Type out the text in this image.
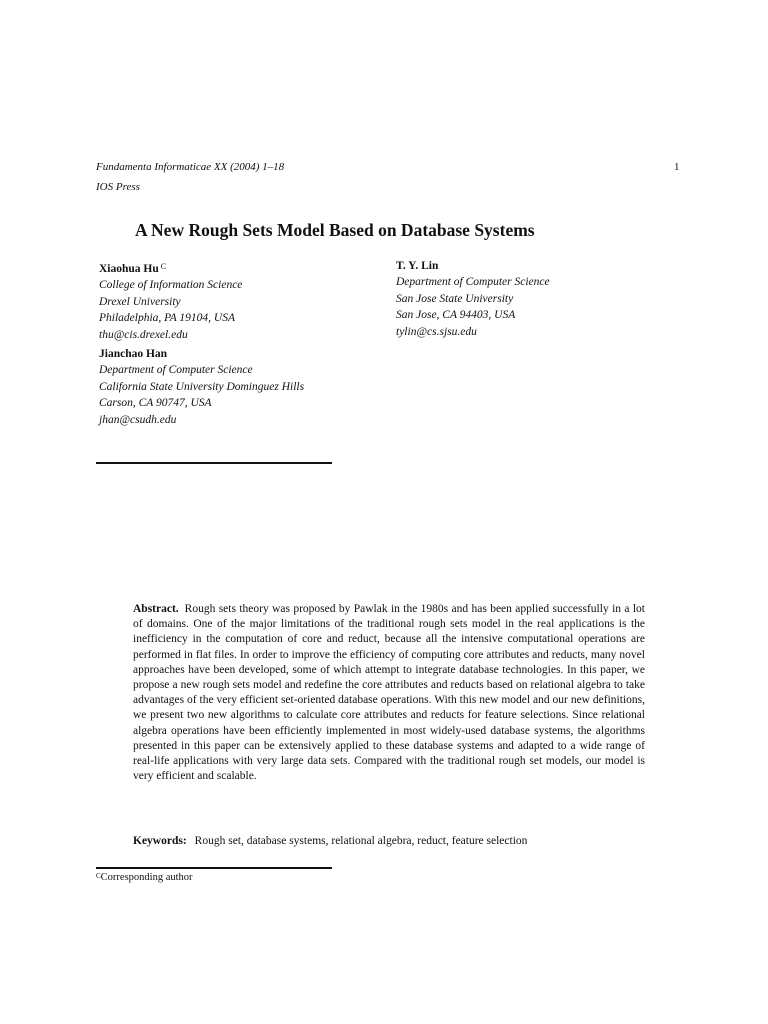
Fundamenta Informaticae XX (2004) 1–18	1
IOS Press
A New Rough Sets Model Based on Database Systems
Xiaohua Hu $^C$
College of Information Science
Drexel University
Philadelphia, PA 19104, USA
thu@cis.drexel.edu
T. Y. Lin
Department of Computer Science
San Jose State University
San Jose, CA 94403, USA
tylin@cs.sjsu.edu
Jianchao Han
Department of Computer Science
California State University Dominguez Hills
Carson, CA 90747, USA
jhan@csudh.edu
Abstract. Rough sets theory was proposed by Pawlak in the 1980s and has been applied successfully in a lot of domains. One of the major limitations of the traditional rough sets model in the real applications is the inefficiency in the computation of core and reduct, because all the intensive computational operations are performed in flat files. In order to improve the efficiency of computing core attributes and reducts, many novel approaches have been developed, some of which attempt to integrate database technologies. In this paper, we propose a new rough sets model and redefine the core attributes and reducts based on relational algebra to take advantages of the very efficient set-oriented database operations. With this new model and our new definitions, we present two new algorithms to calculate core attributes and reducts for feature selections. Since relational algebra operations have been efficiently implemented in most widely-used database systems, the algorithms presented in this paper can be extensively applied to these database systems and adapted to a wide range of real-life applications with very large data sets. Compared with the traditional rough set models, our model is very efficient and scalable.
Keywords: Rough set, database systems, relational algebra, reduct, feature selection
$^C$Corresponding author
